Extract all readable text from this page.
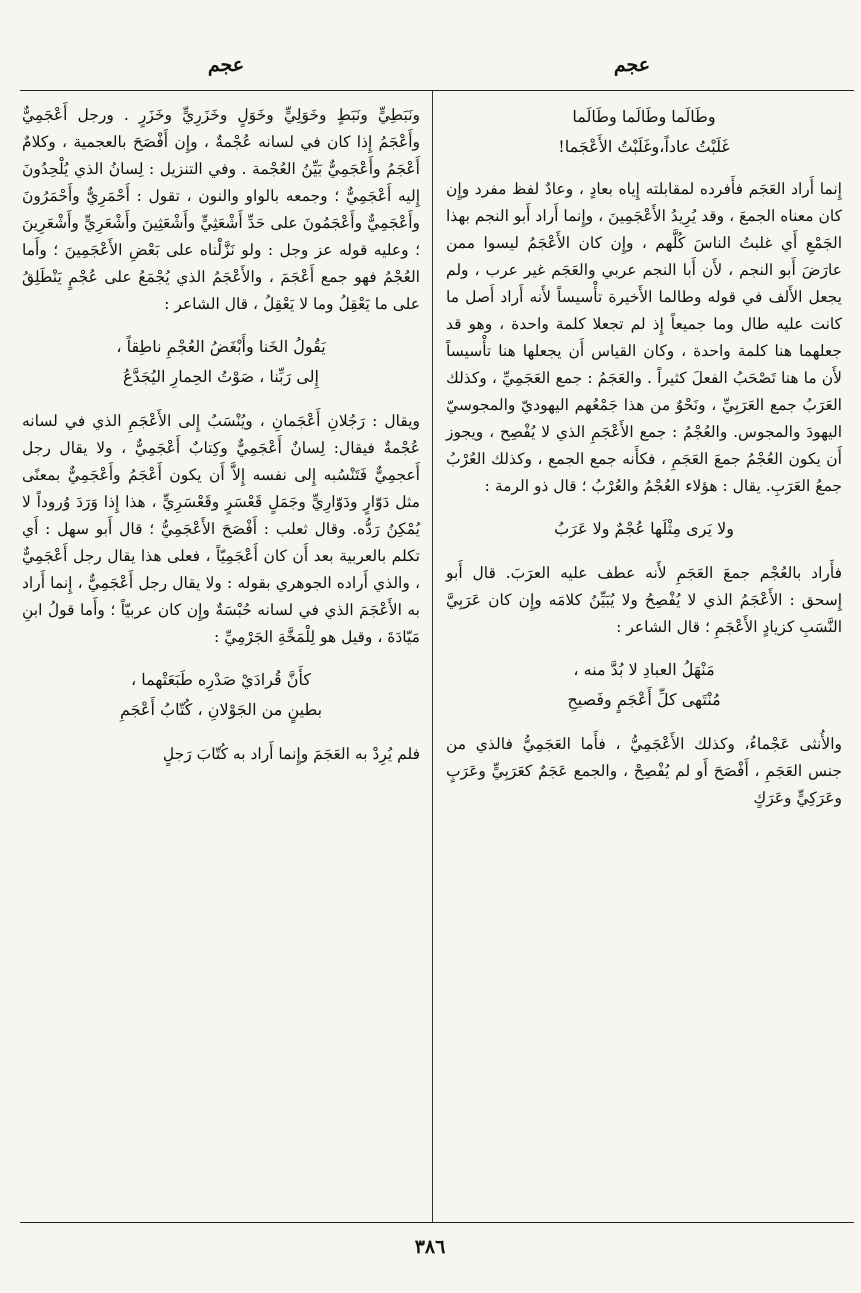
عجم
عجم

وطَالَما وطَالَما وطَالَما

غَلَبْتُ عاداً،وغَلَبْتُ الأَعْجَما!

إِنما أَراد العَجَم فأَفرده لمقابلته إِياه بعادٍ ، وعادٌ لفظ مفرد وإِن كان معناه الجمعَ ، وقد يُرِيدُ الأَعْجَمِينَ ، وإِنما أَراد أَبو النجم بهذا الجَمْعِ أَي غلبتُ الناسَ كُلَّهم ، وإِن كان الأَعْجَمُ ليسوا ممن عارَضَ أَبو النجم ، لأَن أَبا النجم عربي والعَجَم غير عرب ، ولم يجعل الأَلف في قوله وطالما الأَخيرة تأْسيساً لأَنه أَراد أَصل ما كانت عليه طال وما جميعاً إِذ لم تجعلا كلمة واحدة ، وهو قد جعلهما هنا كلمة واحدة ، وكان القياس أَن يجعلها هنا تأْسيساً لأَن ما هنا تَصْحَبُ الفعلَ كثيراً . والعَجَمُ : جمع العَجَمِيِّ ، وكذلك العَرَبُ جمع العَرَبِيِّ ، ونَحْوٌ من هذا جَمْعُهم اليهوديّ والمجوسيّ اليهودَ والمجوس. والعُجْمُ : جمع الأَعْجَمِ الذي لا يُفْصِح ، ويجوز أَن يكون العُجْمُ جمعَ العَجَمِ ، فكأَنه جمع الجمع ، وكذلك العُرْبُ جمعُ العَرَبِ. يقال : هؤلاء العُجْمُ والعُرْبُ ؛ قال ذو الرمة :

ولا يَرى مِثْلَها عُجْمٌ ولا عَرَبُ

فأَراد بالعُجْم جمعَ العَجَمِ لأَنه عطف عليه العرَبَ. قال أَبو إِسحق : الأَعْجَمُ الذي لا يُفْصِحُ ولا يُبَيِّنُ كلامَه وإِن كان عَرَبِيَّ النَّسَبِ كزيادٍ الأَعْجَمِ ؛ قال الشاعر :

مَنْهَلُ العبادِ لا بُدَّ منه ،

مُنْتَهى كلِّ أَعْجَمٍ وفَصيحِ

والأُنثى عَجْماءُ، وكذلك الأَعْجَمِيُّ ، فأَما العَجَمِيُّ فالذي من جنس العَجَمِ ، أَفْصَحَ أَو لم يُفْصِحْ ، والجمع عَجَمٌ كعَرَبِيٍّ وعَرَبٍ وعَرَكِيٍّ وعَرَكٍ

ونَبَطِيٍّ ونَبَطٍ وخَوَلِيٍّ وخَوَلٍ وخَزَرِيٍّ وخَزَرٍ . ورجل أَعْجَمِيٌّ وأَعْجَمُ إِذا كان في لسانه عُجْمةٌ ، وإِن أَفْصَحَ بالعجمية ، وكلامٌ أَعْجَمُ وأَعْجَمِيٌّ بَيِّنُ العُجْمة . وفي التنزيل : لِسانُ الذي يُلْحِدُونَ إِليه أَعْجَمِيٌّ ؛ وجمعه بالواو والنون ، تقول : أَحْمَرِيٌّ وأَحْمَرُونَ وأَعْجَمِيٌّ وأَعْجَمُونَ على حَدِّ أَشْعَثِيٍّ وأَشْعَثِينَ وأَشْعَرِيٍّ وأَشْعَرِينَ ؛ وعليه قوله عز وجل : ولو نَزَّلْناه على بَعْضِ الأَعْجَمِينَ ؛ وأَما العُجْمُ فهو جمع أَعْجَمَ ، والأَعْجَمُ الذي يُجْمَعُ على عُجْمٍ يَنْطَلِقُ على ما يَعْقِلُ وما لا يَعْقِلُ ، قال الشاعر :

يَقُولُ الخَنا وأَبْغَضُ العُجْمِ ناطِقاً ،

إِلى رَبِّنا ، صَوْتُ الحِمارِ اليُجَدَّعُ

ويقال : رَجُلانِ أَعْجَمانِ ، ويُنْسَبُ إِلى الأَعْجَمِ الذي في لسانه عُجْمةٌ فيقال: لِسانٌ أَعْجَمِيٌّ وكِتابٌ أَعْجَمِيٌّ ، ولا يقال رجل أَعجمِيٌّ فَتَنْسُبه إِلى نفسه إِلاَّ أَن يكون أَعْجَمُ وأَعْجَمِيٌّ بمعنًى مثل دَوّارٍ ودَوّارِيٍّ وجَمَلٍ قَعْسَرٍ وقَعْسَرِيٍّ ، هذا إِذا وَرَدَ وُروداً لا يُمْكِنُ رَدُّه. وقال ثعلب : أَفْصَحَ الأَعْجَمِيُّ ؛ قال أَبو سهل : أَي تكلم بالعربية بعد أَن كان أَعْجَمِيّاً ، فعلى هذا يقال رجل أَعْجَمِيٌّ ، والذي أَراده الجوهري بقوله : ولا يقال رجل أَعْجَمِيٌّ ، إِنما أَراد به الأَعْجَمَ الذي في لسانه حُبْسَةٌ وإِن كان عربيّاً ؛ وأَما قولُ ابنِ مَيّادَةَ ، وقيل هو لِلْمَخَّةِ الجَرْمِيِّ :

كأَنَّ قُرادَيْ صَدْرِه طَبَعَتْهما ،

بطينٍ من الجَوْلانِ ، كُتّابُ أَعْجَمِ

فلم يُرِدْ به العَجَمَ وإِنما أَراد به كُتّابَ رَجلٍ

٣٨٦
